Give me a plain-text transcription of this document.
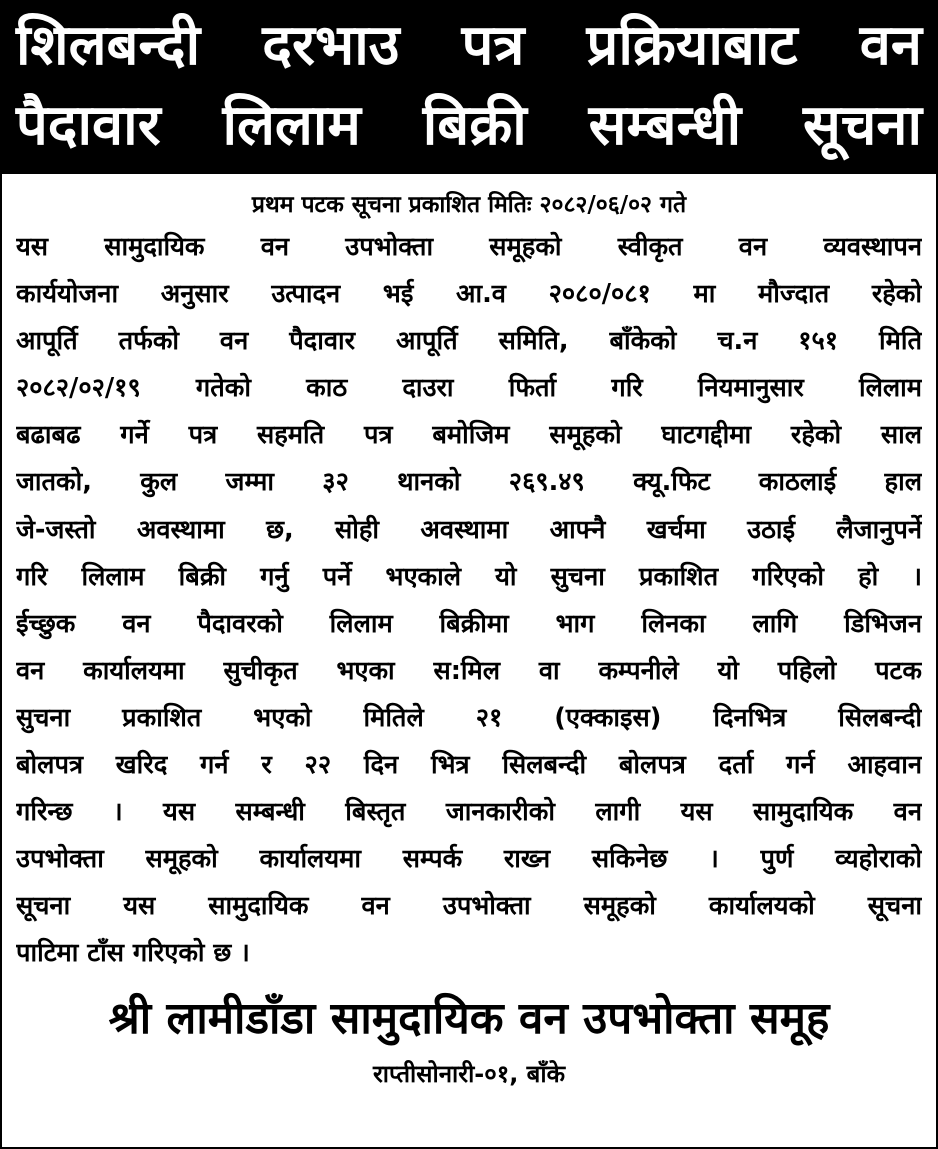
शिलबन्दी दरभाउ पत्र प्रक्रियाबाट वन
पैदावार लिलाम बिक्री सम्बन्धी सूचना
प्रथम पटक सूचना प्रकाशित मितिः २०८२/०६/०२ गते
यस सामुदायिक वन उपभोक्ता समूहको स्वीकृत वन व्यवस्थापन
कार्ययोजना अनुसार उत्पादन भई आ.व २०८०/०८१ मा मौज्दात रहेको
आपूर्ति तर्फको वन पैदावार आपूर्ति समिति, बाँकेको च.न १५१ मिति
२०८२/०२/१९ गतेको काठ दाउरा फिर्ता गरि नियमानुसार लिलाम
बढाबढ गर्ने पत्र सहमति पत्र बमोजिम समूहको घाटगद्दीमा रहेको साल
जातको, कुल जम्मा ३२ थानको २६९.४९ क्यू.फिट काठलाई हाल
जे-जस्तो अवस्थामा छ, सोही अवस्थामा आफ्नै खर्चमा उठाई लैजानुपर्ने
गरि लिलाम बिक्री गर्नु पर्ने भएकाले यो सुचना प्रकाशित गरिएको हो ।
ईच्छुक वन पैदावरको लिलाम बिक्रीमा भाग लिनका लागि डिभिजन
वन कार्यालयमा सुचीकृत भएका स:मिल वा कम्पनीले यो पहिलो पटक
सुचना प्रकाशित भएको मितिले २१ (एक्काइस) दिनभित्र सिलबन्दी
बोलपत्र खरिद गर्न र २२ दिन भित्र सिलबन्दी बोलपत्र दर्ता गर्न आहवान
गरिन्छ । यस सम्बन्धी बिस्तृत जानकारीको लागी यस सामुदायिक वन
उपभोक्ता समूहको कार्यालयमा सम्पर्क राख्न सकिनेछ । पुर्ण व्यहोराको
सूचना यस सामुदायिक वन उपभोक्ता समूहको कार्यालयको सूचना
पाटिमा टाँस गरिएको छ ।
श्री लामीडाँडा सामुदायिक वन उपभोक्ता समूह
राप्तीसोनारी-०१, बाँके
